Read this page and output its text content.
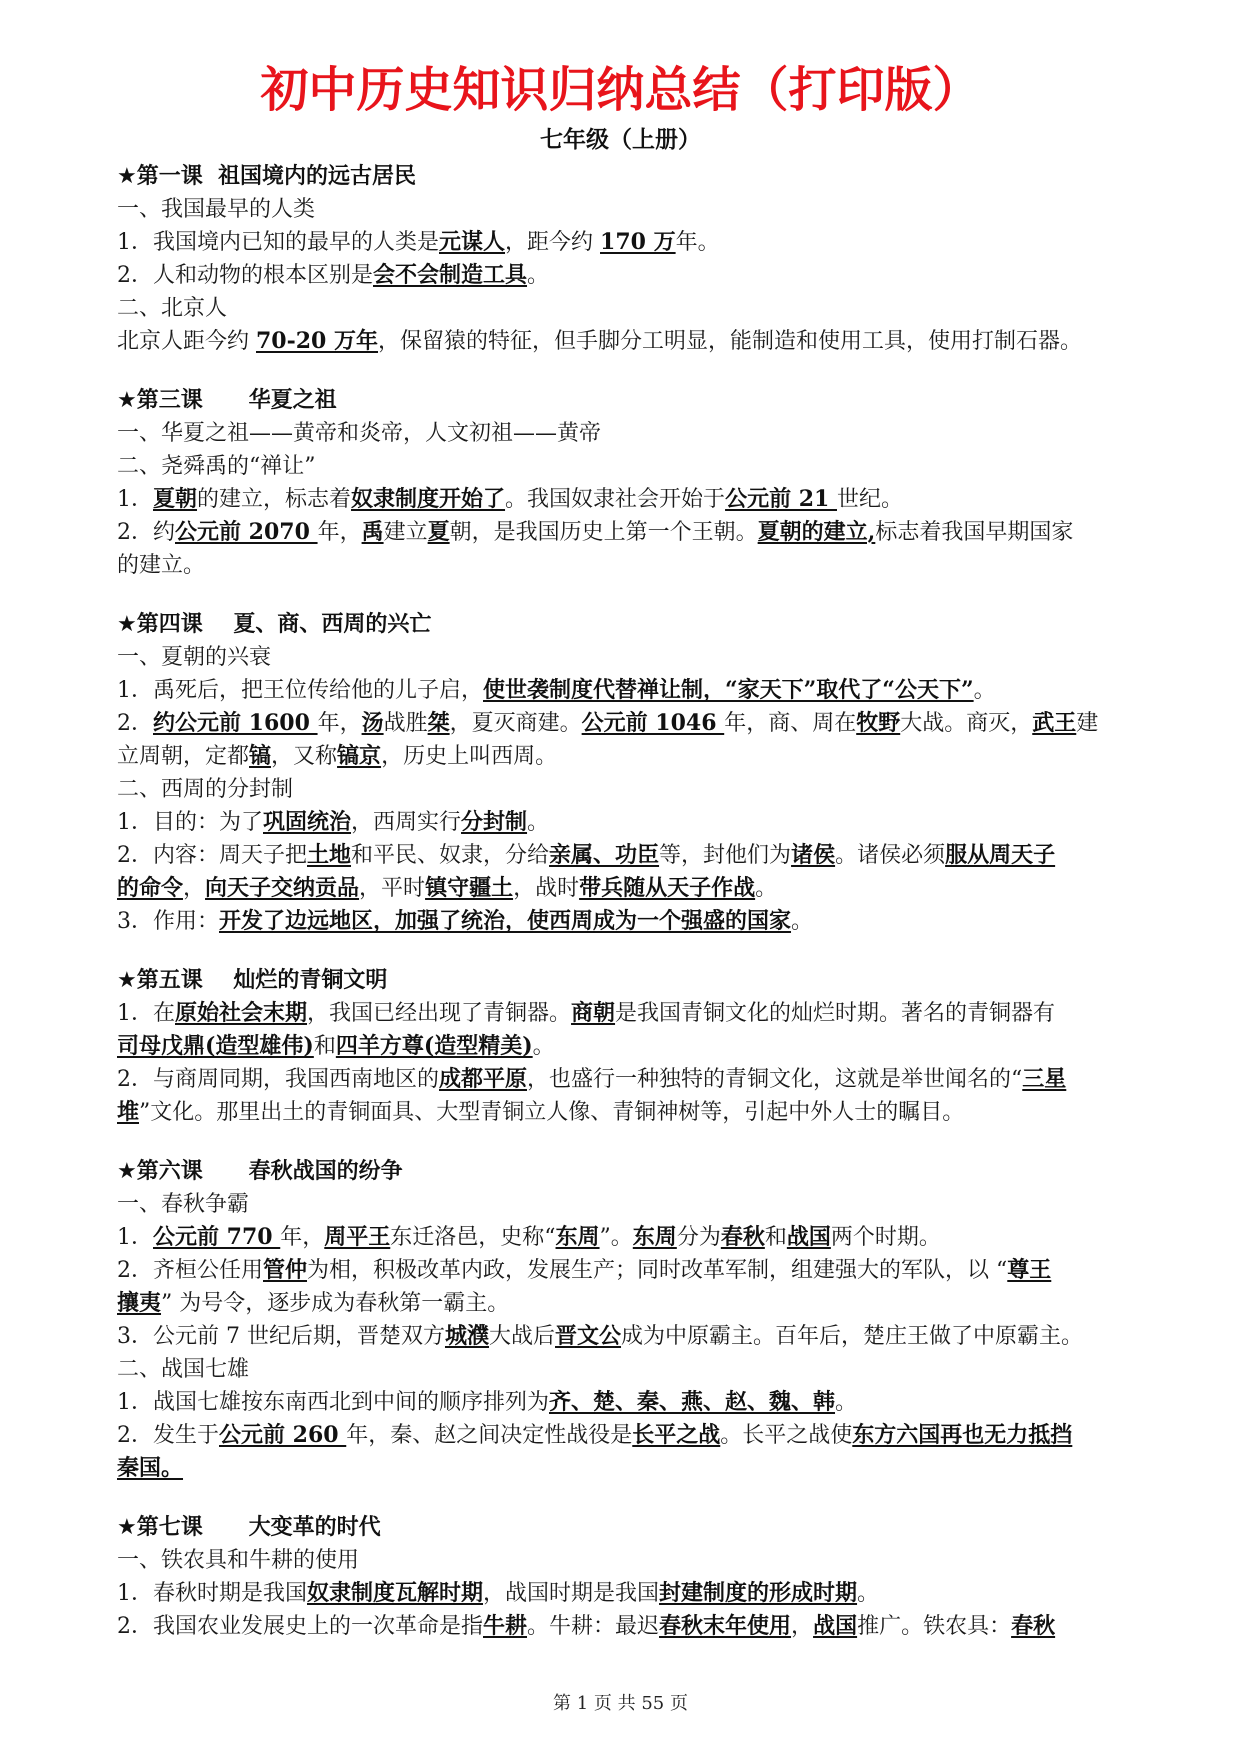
初中历史知识归纳总结（打印版）
七年级（上册）
★第一课  祖国境内的远古居民
一、我国最早的人类
1．我国境内已知的最早的人类是元谋人，距今约 170 万年。
2．人和动物的根本区别是会不会制造工具。
二、北京人
北京人距今约 70-20 万年，保留猿的特征，但手脚分工明显，能制造和使用工具，使用打制石器。
★第三课      华夏之祖
一、华夏之祖——黄帝和炎帝，人文初祖——黄帝
二、尧舜禹的“禅让”
1．夏朝的建立，标志着奴隶制度开始了。我国奴隶社会开始于公元前 21 世纪。
2．约公元前 2070 年，禹建立夏朝，是我国历史上第一个王朝。夏朝的建立,标志着我国早期国家
的建立。
★第四课    夏、商、西周的兴亡
一、夏朝的兴衰
1．禹死后，把王位传给他的儿子启，使世袭制度代替禅让制，“家天下”取代了“公天下”。
2．约公元前 1600 年，汤战胜桀，夏灭商建。公元前 1046 年，商、周在牧野大战。商灭，武王建
立周朝，定都镐，又称镐京，历史上叫西周。
二、西周的分封制
1．目的：为了巩固统治，西周实行分封制。
2．内容：周天子把土地和平民、奴隶，分给亲属、功臣等，封他们为诸侯。诸侯必须服从周天子
的命令，向天子交纳贡品，平时镇守疆土，战时带兵随从天子作战。
3．作用：开发了边远地区，加强了统治，使西周成为一个强盛的国家。
★第五课    灿烂的青铜文明
1．在原始社会末期，我国已经出现了青铜器。商朝是我国青铜文化的灿烂时期。著名的青铜器有
司母戊鼎(造型雄伟)和四羊方尊(造型精美)。
2．与商周同期，我国西南地区的成都平原，也盛行一种独特的青铜文化，这就是举世闻名的“三星
堆”文化。那里出土的青铜面具、大型青铜立人像、青铜神树等，引起中外人士的瞩目。
★第六课      春秋战国的纷争
一、春秋争霸
1．公元前 770 年，周平王东迁洛邑，史称“东周”。东周分为春秋和战国两个时期。
2．齐桓公任用管仲为相，积极改革内政，发展生产；同时改革军制，组建强大的军队，以 “尊王
攘夷” 为号令，逐步成为春秋第一霸主。
3．公元前 7 世纪后期，晋楚双方城濮大战后晋文公成为中原霸主。百年后，楚庄王做了中原霸主。
二、战国七雄
1．战国七雄按东南西北到中间的顺序排列为齐、楚、秦、燕、赵、魏、韩。
2．发生于公元前 260 年，秦、赵之间决定性战役是长平之战。长平之战使东方六国再也无力抵挡
秦国。
★第七课      大变革的时代
一、铁农具和牛耕的使用
1．春秋时期是我国奴隶制度瓦解时期，战国时期是我国封建制度的形成时期。
2．我国农业发展史上的一次革命是指牛耕。牛耕：最迟春秋末年使用，战国推广。铁农具：春秋
第 1 页 共 55 页
